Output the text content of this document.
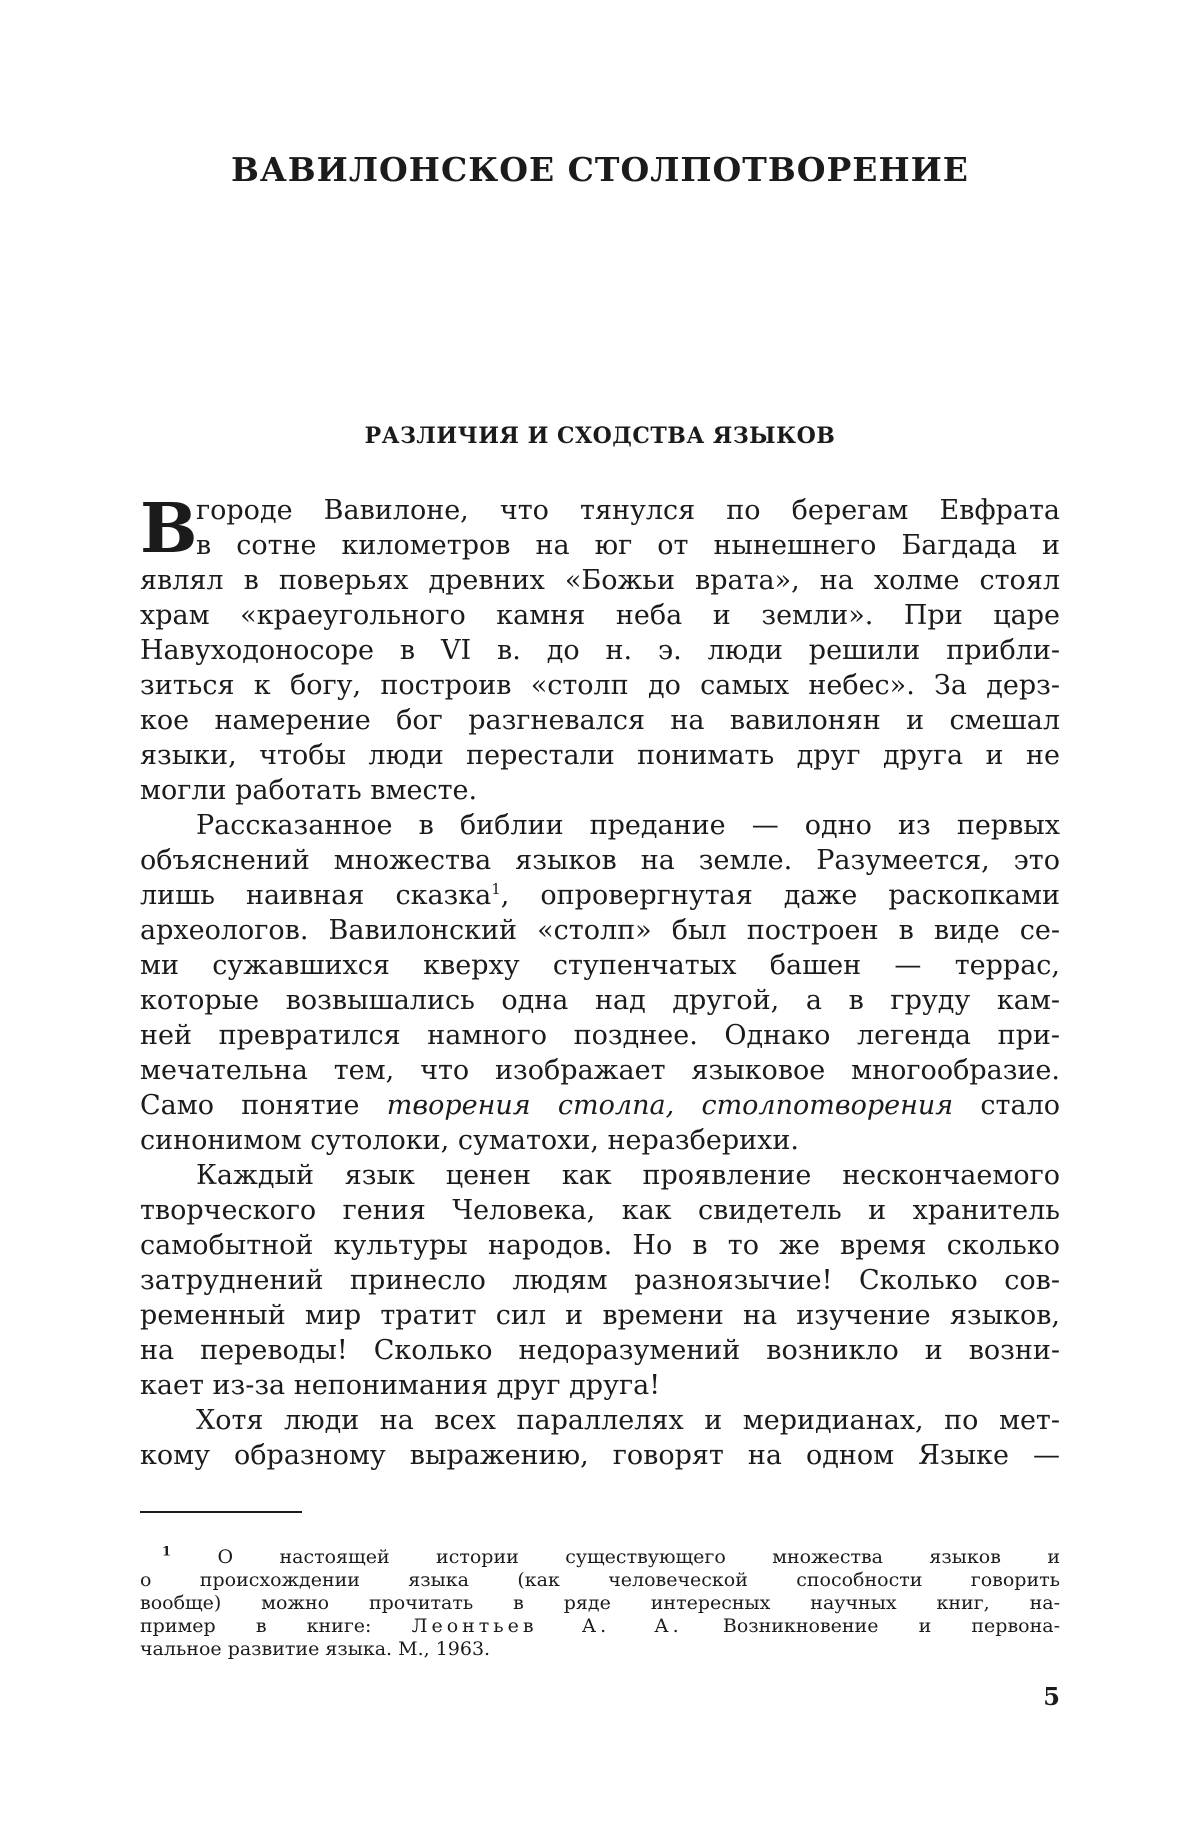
ВАВИЛОНСКОЕ СТОЛПОТВОРЕНИЕ
РАЗЛИЧИЯ И СХОДСТВА ЯЗЫКОВ
В
городе Вавилоне, что тянулся по берегам Евфрата
в сотне километров на юг от нынешнего Багдада и
являл в поверьях древних «Божьи врата», на холме стоял
храм «краеугольного камня неба и земли». При царе
Навуходоносоре в VI в. до н. э. люди решили прибли-
зиться к богу, построив «столп до самых небес». За дерз-
кое намерение бог разгневался на вавилонян и смешал
языки, чтобы люди перестали понимать друг друга и не
могли работать вместе.
Рассказанное в библии предание — одно из первых
объяснений множества языков на земле. Разумеется, это
лишь наивная сказка$^1$, опровергнутая даже раскопками
археологов. Вавилонский «столп» был построен в виде се-
ми сужавшихся кверху ступенчатых башен — террас,
которые возвышались одна над другой, а в груду кам-
ней превратился намного позднее. Однако легенда при-
мечательна тем, что изображает языковое многообразие.
Само понятие творения столпа, столпотворения стало
синонимом сутолоки, суматохи, неразберихи.
Каждый язык ценен как проявление нескончаемого
творческого гения Человека, как свидетель и хранитель
самобытной культуры народов. Но в то же время сколько
затруднений принесло людям разноязычие! Сколько сов-
ременный мир тратит сил и времени на изучение языков,
на переводы! Сколько недоразумений возникло и возни-
кает из-за непонимания друг друга!
Хотя люди на всех параллелях и меридианах, по мет-
кому образному выражению, говорят на одном Языке —
$^1$ О настоящей истории существующего множества языков и
о происхождении языка (как человеческой способности говорить
вообще) можно прочитать в ряде интересных научных книг, на-
пример в книге: Леонтьев А. А. Возникновение и первона-
чальное развитие языка. М., 1963.
5
